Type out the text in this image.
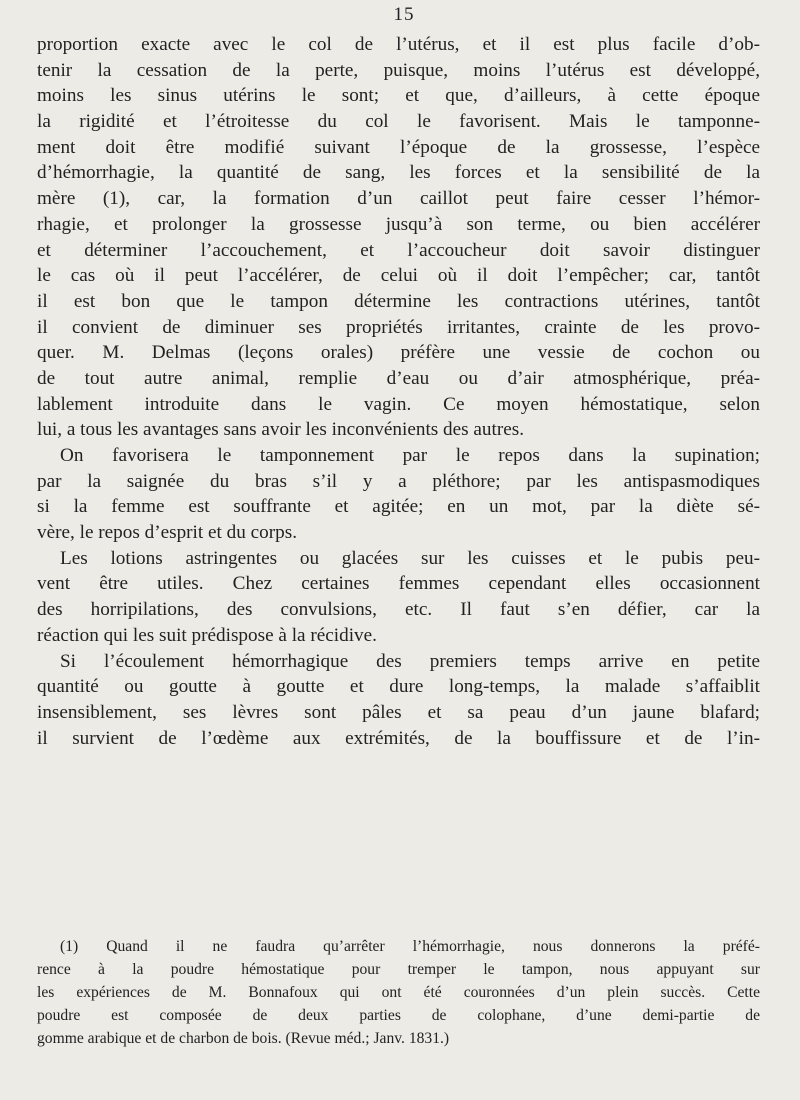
15
proportion exacte avec le col de l’utérus, et il est plus facile d’ob-
tenir la cessation de la perte, puisque, moins l’utérus est développé,
moins les sinus utérins le sont; et que, d’ailleurs, à cette époque
la rigidité et l’étroitesse du col le favorisent. Mais le tamponne-
ment doit être modifié suivant l’époque de la grossesse, l’espèce
d’hémorrhagie, la quantité de sang, les forces et la sensibilité de la
mère (1), car, la formation d’un caillot peut faire cesser l’hémor-
rhagie, et prolonger la grossesse jusqu’à son terme, ou bien accélérer
et déterminer l’accouchement, et l’accoucheur doit savoir distinguer
le cas où il peut l’accélérer, de celui où il doit l’empêcher; car, tantôt
il est bon que le tampon détermine les contractions utérines, tantôt
il convient de diminuer ses propriétés irritantes, crainte de les provo-
quer. M. Delmas (leçons orales) préfère une vessie de cochon ou
de tout autre animal, remplie d’eau ou d’air atmosphérique, préa-
lablement introduite dans le vagin. Ce moyen hémostatique, selon
lui, a tous les avantages sans avoir les inconvénients des autres.
On favorisera le tamponnement par le repos dans la supination;
par la saignée du bras s’il y a pléthore; par les antispasmodiques
si la femme est souffrante et agitée; en un mot, par la diète sé-
vère, le repos d’esprit et du corps.
Les lotions astringentes ou glacées sur les cuisses et le pubis peu-
vent être utiles. Chez certaines femmes cependant elles occasionnent
des horripilations, des convulsions, etc. Il faut s’en défier, car la
réaction qui les suit prédispose à la récidive.
Si l’écoulement hémorrhagique des premiers temps arrive en petite
quantité ou goutte à goutte et dure long-temps, la malade s’affaiblit
insensiblement, ses lèvres sont pâles et sa peau d’un jaune blafard;
il survient de l’œdème aux extrémités, de la bouffissure et de l’in-
(1) Quand il ne faudra qu’arrêter l’hémorrhagie, nous donnerons la préfé-
rence à la poudre hémostatique pour tremper le tampon, nous appuyant sur
les expériences de M. Bonnafoux qui ont été couronnées d’un plein succès. Cette
poudre est composée de deux parties de colophane, d’une demi-partie de
gomme arabique et de charbon de bois. (Revue méd.; Janv. 1831.)
